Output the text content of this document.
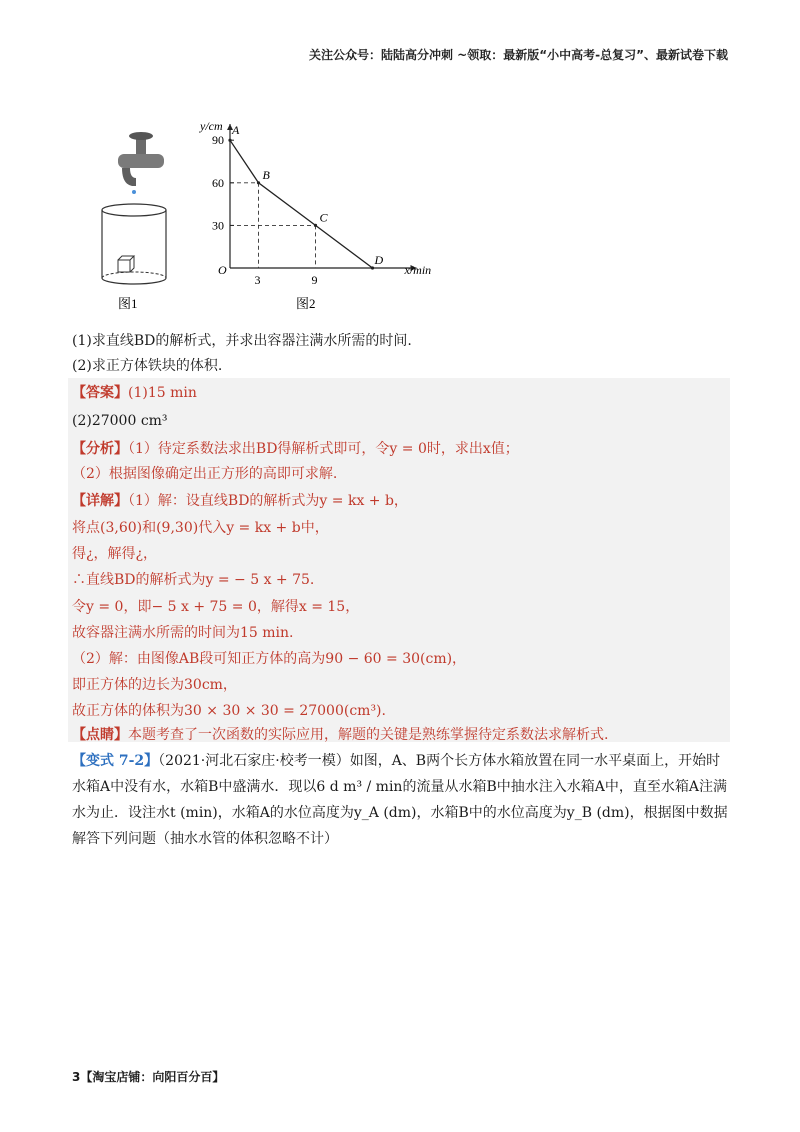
关注公众号：陆陆高分冲刺 ~领取：最新版“小中高考-总复习”、最新试卷下载
图1
y/cm
x/min
O
90
60
30
3	9
A
B
C
D
图2
(1)求直线BD的解析式，并求出容器注满水所需的时间.
(2)求正方体铁块的体积.
【答案】(1)15 min
(2)27000 cm³
【分析】（1）待定系数法求出BD得解析式即可，令y = 0时，求出x值；
（2）根据图像确定出正方形的高即可求解.
【详解】（1）解：设直线BD的解析式为y = kx + b，
将点(3,60)和(9,30)代入y = kx + b中，
得¿，解得¿，
∴直线BD的解析式为y = − 5 x + 75.
令y = 0，即− 5 x + 75 = 0，解得x = 15，
故容器注满水所需的时间为15 min.
（2）解：由图像AB段可知正方体的高为90 − 60 = 30(cm)，
即正方体的边长为30cm，
故正方体的体积为30 × 30 × 30 = 27000(cm³).
【点睛】本题考查了一次函数的实际应用，解题的关键是熟练掌握待定系数法求解析式.
【变式 7-2】（2021·河北石家庄·校考一模）如图，A、B两个长方体水箱放置在同一水平桌面上，开始时水箱A中没有水，水箱B中盛满水．现以6 d m³ / min的流量从水箱B中抽水注入水箱A中，直至水箱A注满水为止．设注水t (min)，水箱A的水位高度为y_A (dm)，水箱B中的水位高度为y_B (dm)，根据图中数据解答下列问题（抽水水管的体积忽略不计）
3【淘宝店铺：向阳百分百】
